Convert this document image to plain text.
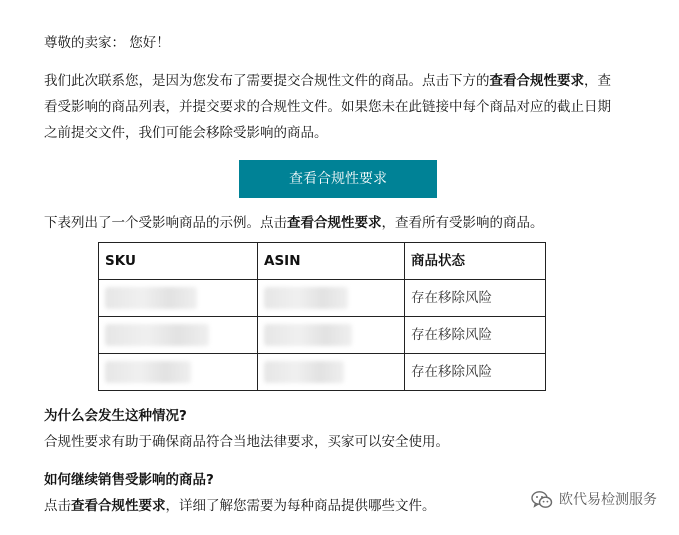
尊敬的卖家： 您好！

我们此次联系您，是因为您发布了需要提交合规性文件的商品。点击下方的查看合规性要求，查看受影响的商品列表，并提交要求的合规性文件。如果您未在此链接中每个商品对应的截止日期之前提交文件，我们可能会移除受影响的商品。

查看合规性要求

下表列出了一个受影响商品的示例。点击查看合规性要求，查看所有受影响的商品。

SKU	ASIN	商品状态
		存在移除风险
		存在移除风险
		存在移除风险

为什么会发生这种情况?

合规性要求有助于确保商品符合当地法律要求，买家可以安全使用。

如何继续销售受影响的商品?

点击查看合规性要求，详细了解您需要为每种商品提供哪些文件。	欧代易检测服务
